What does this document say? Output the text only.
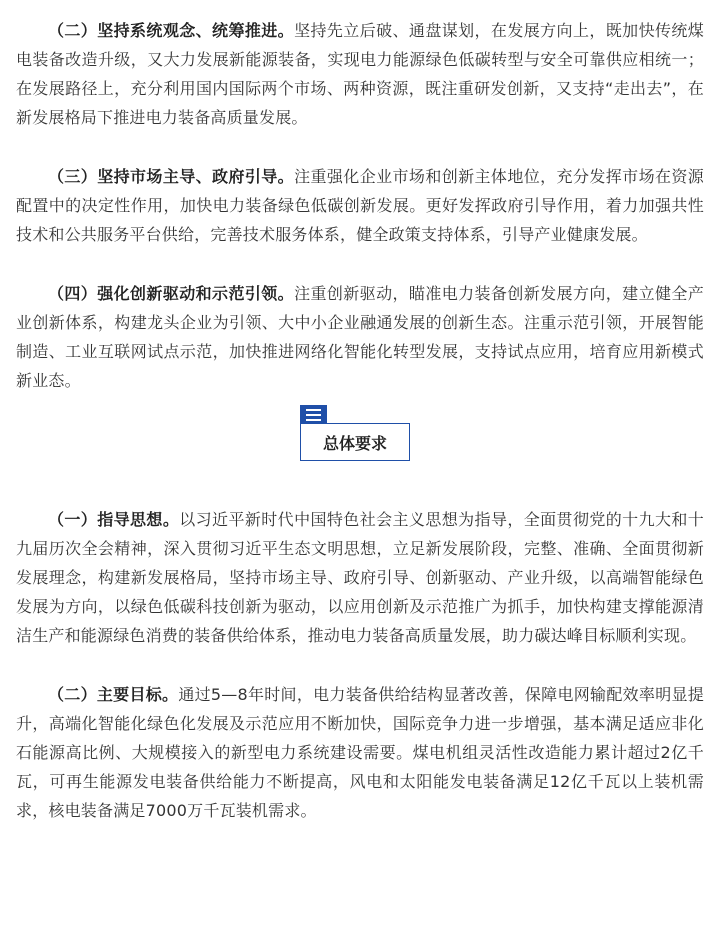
（二）坚持系统观念、统筹推进。坚持先立后破、通盘谋划，在发展方向上，既加快传统煤电装备改造升级，又大力发展新能源装备，实现电力能源绿色低碳转型与安全可靠供应相统一；在发展路径上，充分利用国内国际两个市场、两种资源，既注重研发创新，又支持“走出去”，在新发展格局下推进电力装备高质量发展。

（三）坚持市场主导、政府引导。注重强化企业市场和创新主体地位，充分发挥市场在资源配置中的决定性作用，加快电力装备绿色低碳创新发展。更好发挥政府引导作用，着力加强共性技术和公共服务平台供给，完善技术服务体系，健全政策支持体系，引导产业健康发展。

（四）强化创新驱动和示范引领。注重创新驱动，瞄准电力装备创新发展方向，建立健全产业创新体系，构建龙头企业为引领、大中小企业融通发展的创新生态。注重示范引领，开展智能制造、工业互联网试点示范，加快推进网络化智能化转型发展，支持试点应用，培育应用新模式新业态。

总体要求

（一）指导思想。以习近平新时代中国特色社会主义思想为指导，全面贯彻党的十九大和十九届历次全会精神，深入贯彻习近平生态文明思想，立足新发展阶段，完整、准确、全面贯彻新发展理念，构建新发展格局，坚持市场主导、政府引导、创新驱动、产业升级，以高端智能绿色发展为方向，以绿色低碳科技创新为驱动，以应用创新及示范推广为抓手，加快构建支撑能源清洁生产和能源绿色消费的装备供给体系，推动电力装备高质量发展，助力碳达峰目标顺利实现。

（二）主要目标。通过5—8年时间，电力装备供给结构显著改善，保障电网输配效率明显提升，高端化智能化绿色化发展及示范应用不断加快，国际竞争力进一步增强，基本满足适应非化石能源高比例、大规模接入的新型电力系统建设需要。煤电机组灵活性改造能力累计超过2亿千瓦，可再生能源发电装备供给能力不断提高，风电和太阳能发电装备满足12亿千瓦以上装机需求，核电装备满足7000万千瓦装机需求。
